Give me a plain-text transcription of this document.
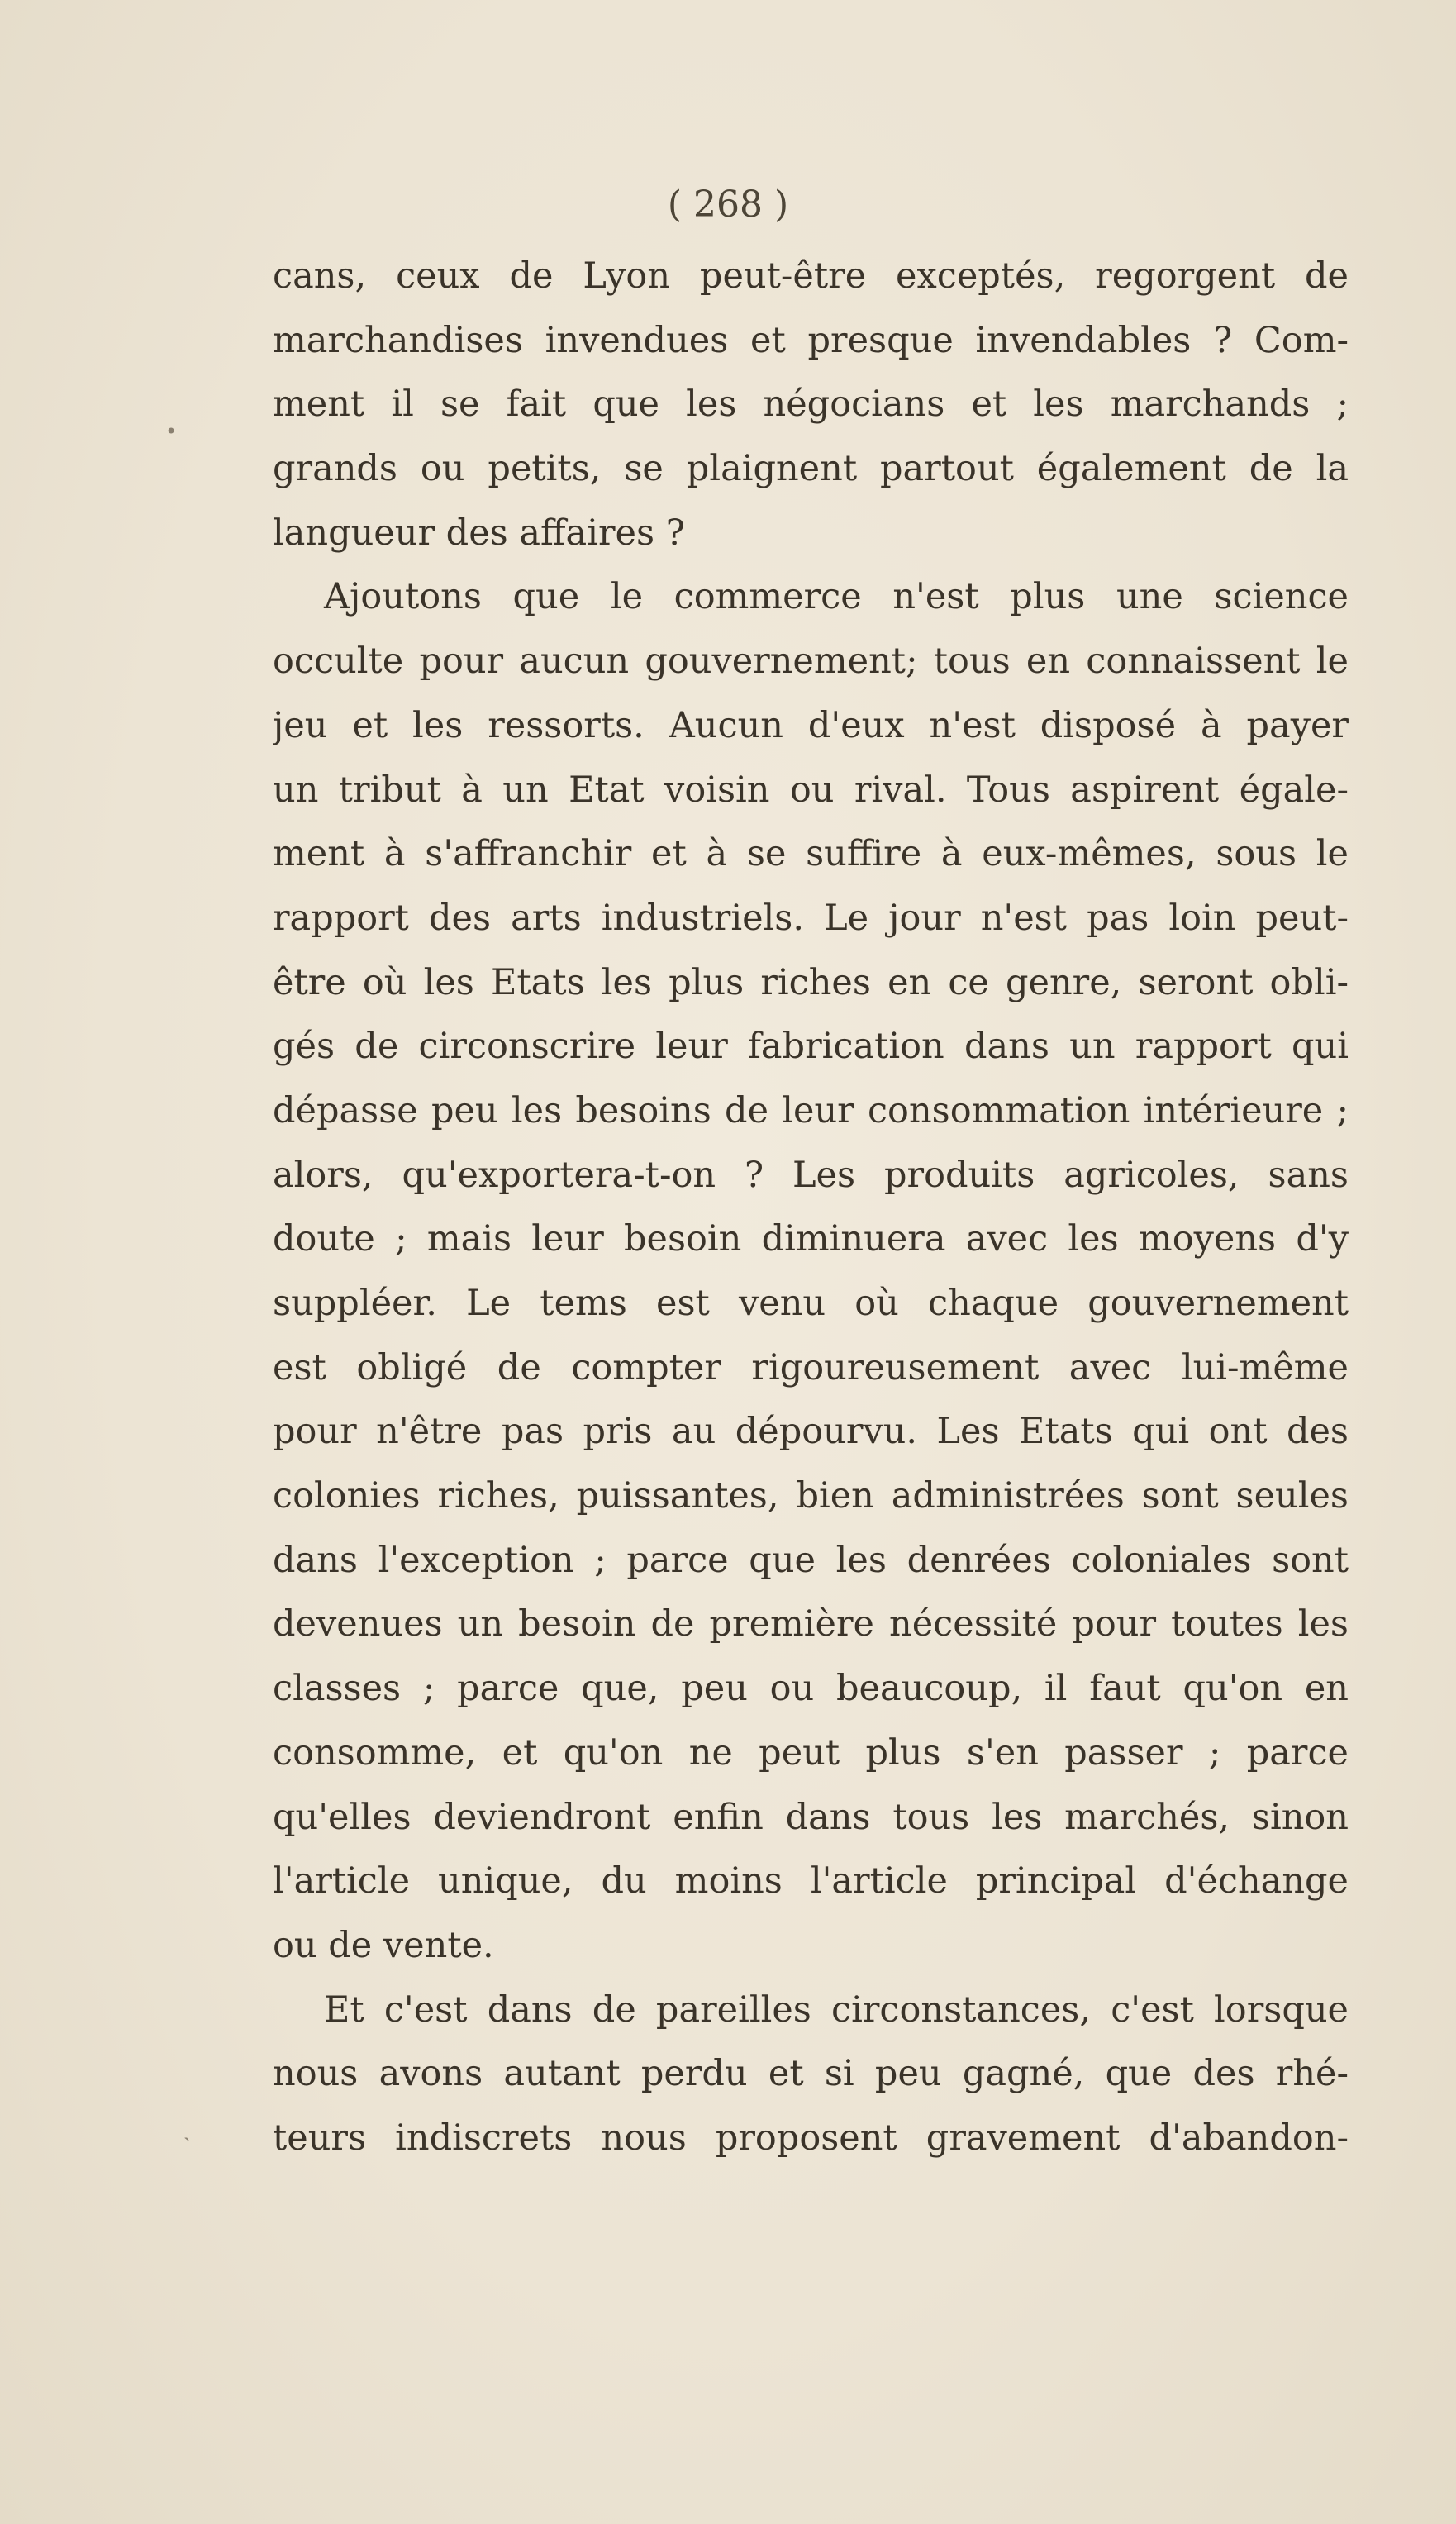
( 268 )
•
ˎ
cans, ceux de Lyon peut-être exceptés, regorgent de
marchandises invendues et presque invendables ? Com-
ment il se fait que les négocians et les marchands ;
grands ou petits, se plaignent partout également de la
langueur des affaires ?
Ajoutons que le commerce n'est plus une science
occulte pour aucun gouvernement; tous en connaissent le
jeu et les ressorts. Aucun d'eux n'est disposé à payer
un tribut à un Etat voisin ou rival. Tous aspirent égale-
ment à s'affranchir et à se suffire à eux-mêmes, sous le
rapport des arts industriels. Le jour n'est pas loin peut-
être où les Etats les plus riches en ce genre, seront obli-
gés de circonscrire leur fabrication dans un rapport qui
dépasse peu les besoins de leur consommation intérieure ;
alors, qu'exportera-t-on ? Les produits agricoles, sans
doute ; mais leur besoin diminuera avec les moyens d'y
suppléer. Le tems est venu où chaque gouvernement
est obligé de compter rigoureusement avec lui-même
pour n'être pas pris au dépourvu. Les Etats qui ont des
colonies riches, puissantes, bien administrées sont seules
dans l'exception ; parce que les denrées coloniales sont
devenues un besoin de première nécessité pour toutes les
classes ; parce que, peu ou beaucoup, il faut qu'on en
consomme, et qu'on ne peut plus s'en passer ; parce
qu'elles deviendront enfin dans tous les marchés, sinon
l'article unique, du moins l'article principal d'échange
ou de vente.
Et c'est dans de pareilles circonstances, c'est lorsque
nous avons autant perdu et si peu gagné, que des rhé-
teurs indiscrets nous proposent gravement d'abandon-
